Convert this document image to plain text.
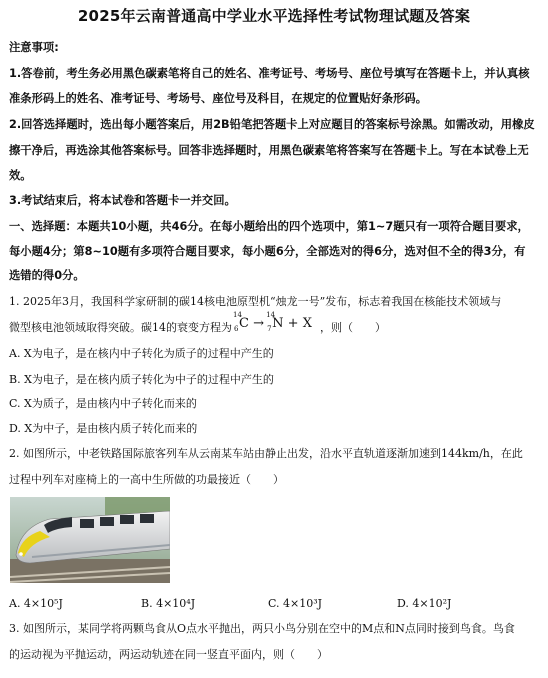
2025年云南普通高中学业水平选择性考试物理试题及答案
注意事项:
1.答卷前，考生务必用黑色碳素笔将自己的姓名、准考证号、考场号、座位号填写在答题卡上，并认真核
准条形码上的姓名、准考证号、考场号、座位号及科目，在规定的位置贴好条形码。
2.回答选择题时，选出每小题答案后，用2B铅笔把答题卡上对应题目的答案标号涂黑。如需改动，用橡皮
擦干净后，再选涂其他答案标号。回答非选择题时，用黑色碳素笔将答案写在答题卡上。写在本试卷上无
效。
3.考试结束后，将本试卷和答题卡一并交回。
一、选择题：本题共10小题，共46分。在每小题给出的四个选项中，第1~7题只有一项符合题目要求，
每小题4分；第8~10题有多项符合题目要求，每小题6分，全部选对的得6分，选对但不全的得3分，有
选错的得0分。
1. 2025年3月，我国科学家研制的碳14核电池原型机“烛龙一号”发布，标志着我国在核能技术领域与
微型核电池领域取得突破。碳14的衰变方程为
14
6 C →
14
7 N + X ，则（　　）
A. X为电子，是在核内中子转化为质子的过程中产生的
B. X为电子，是在核内质子转化为中子的过程中产生的
C. X为质子，是由核内中子转化而来的
D. X为中子，是由核内质子转化而来的
2. 如图所示，中老铁路国际旅客列车从云南某车站由静止出发，沿水平直轨道逐渐加速到144km/h，在此
过程中列车对座椅上的一高中生所做的功最接近（　　）
A. 4×10⁵J	B. 4×10⁴J	C. 4×10³J	D. 4×10²J
3. 如图所示，某同学将两颗鸟食从O点水平抛出，两只小鸟分别在空中的M点和N点同时接到鸟食。鸟食
的运动视为平抛运动，两运动轨迹在同一竖直平面内，则（　　）
